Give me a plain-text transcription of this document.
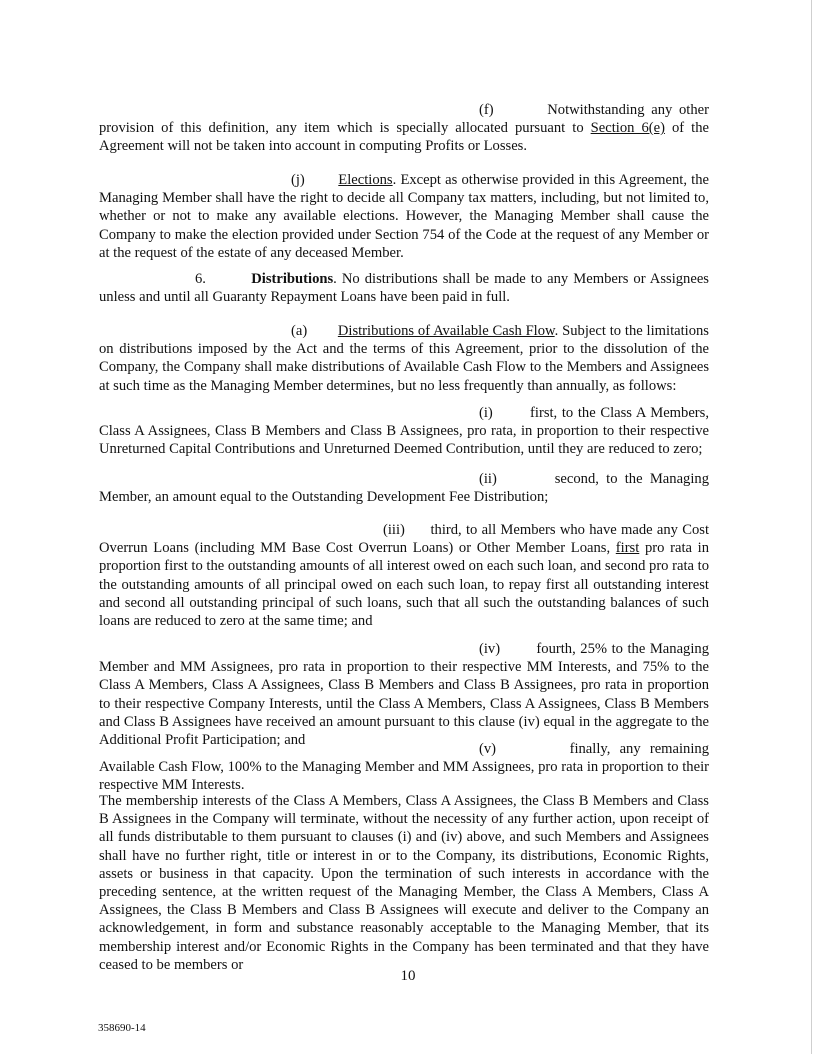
(f)	Notwithstanding any other provision of this definition, any item which is specially allocated pursuant to Section 6(e) of the Agreement will not be taken into account in computing Profits or Losses.

(j) Elections. Except as otherwise provided in this Agreement, the Managing Member shall have the right to decide all Company tax matters, including, but not limited to, whether or not to make any available elections. However, the Managing Member shall cause the Company to make the election provided under Section 754 of the Code at the request of any Member or at the request of the estate of any deceased Member.

6.	Distributions. No distributions shall be made to any Members or Assignees unless and until all Guaranty Repayment Loans have been paid in full.

(a) Distributions of Available Cash Flow. Subject to the limitations on distributions imposed by the Act and the terms of this Agreement, prior to the dissolution of the Company, the Company shall make distributions of Available Cash Flow to the Members and Assignees at such time as the Managing Member determines, but no less frequently than annually, as follows:

(i)	first, to the Class A Members, Class A Assignees, Class B Members and Class B Assignees, pro rata, in proportion to their respective Unreturned Capital Contributions and Unreturned Deemed Contribution, until they are reduced to zero;

(ii)	second, to the Managing Member, an amount equal to the Outstanding Development Fee Distribution;

(iii) third, to all Members who have made any Cost Overrun Loans (including MM Base Cost Overrun Loans) or Other Member Loans, first pro rata in proportion first to the outstanding amounts of all interest owed on each such loan, and second pro rata to the outstanding amounts of all principal owed on each such loan, to repay first all outstanding interest and second all outstanding principal of such loans, such that all such the outstanding balances of such loans are reduced to zero at the same time; and

(iv) fourth, 25% to the Managing Member and MM Assignees, pro rata in proportion to their respective MM Interests, and 75% to the Class A Members, Class A Assignees, Class B Members and Class B Assignees, pro rata in proportion to their respective Company Interests, until the Class A Members, Class A Assignees, Class B Members and Class B Assignees have received an amount pursuant to this clause (iv) equal in the aggregate to the Additional Profit Participation; and

(v)	finally, any remaining Available Cash Flow, 100% to the Managing Member and MM Assignees, pro rata in proportion to their respective MM Interests.

The membership interests of the Class A Members, Class A Assignees, the Class B Members and Class B Assignees in the Company will terminate, without the necessity of any further action, upon receipt of all funds distributable to them pursuant to clauses (i) and (iv) above, and such Members and Assignees shall have no further right, title or interest in or to the Company, its distributions, Economic Rights, assets or business in that capacity. Upon the termination of such interests in accordance with the preceding sentence, at the written request of the Managing Member, the Class A Members, Class A Assignees, the Class B Members and Class B Assignees will execute and deliver to the Company an acknowledgement, in form and substance reasonably acceptable to the Managing Member, that its membership interest and/or Economic Rights in the Company has been terminated and that they have ceased to be members or

10
358690-14
